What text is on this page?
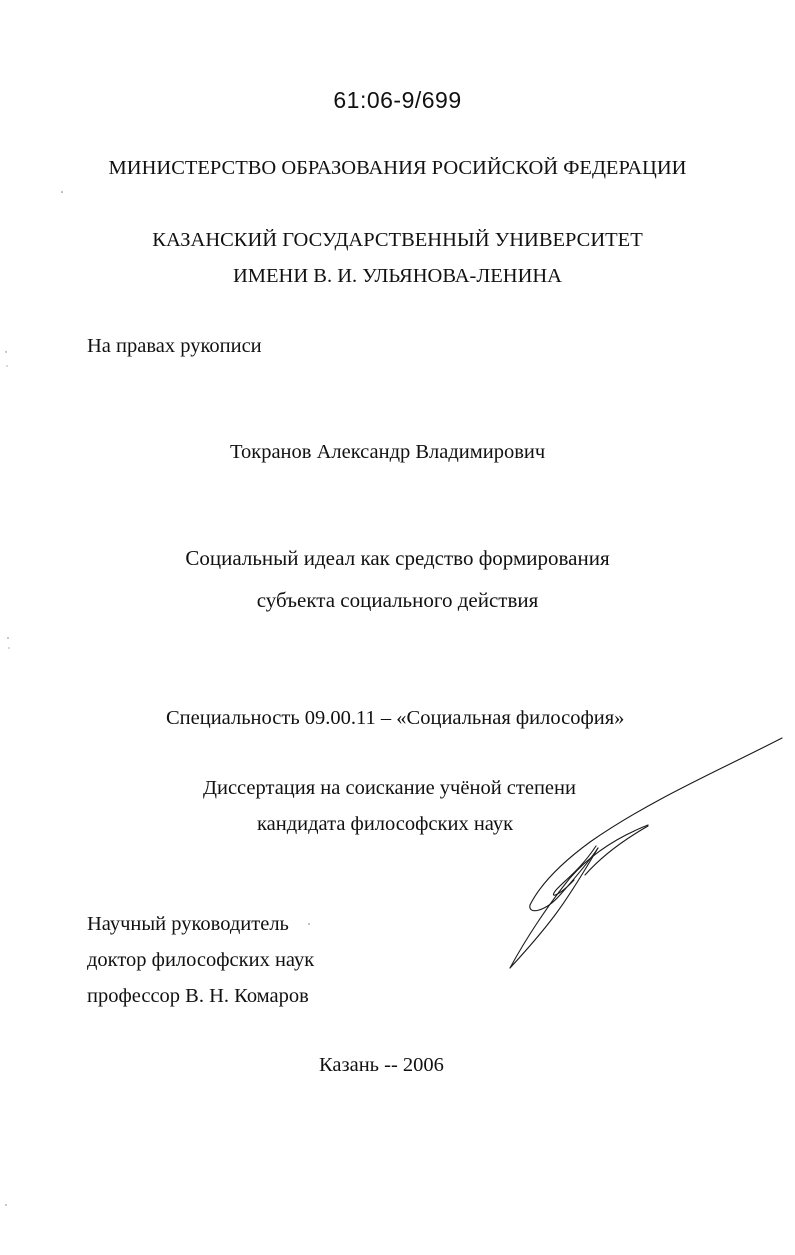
61:06-9/699
МИНИСТЕРСТВО ОБРАЗОВАНИЯ РОСИЙСКОЙ ФЕДЕРАЦИИ
КАЗАНСКИЙ ГОСУДАРСТВЕННЫЙ УНИВЕРСИТЕТ
ИМЕНИ В. И. УЛЬЯНОВА-ЛЕНИНА
На правах рукописи
Токранов Александр Владимирович
Социальный идеал как средство формирования
субъекта социального действия
Специальность 09.00.11 – «Социальная философия»
Диссертация на соискание учёной степени
кандидата философских наук
Научный руководитель
доктор философских наук
профессор В. Н. Комаров
Казань -- 2006
